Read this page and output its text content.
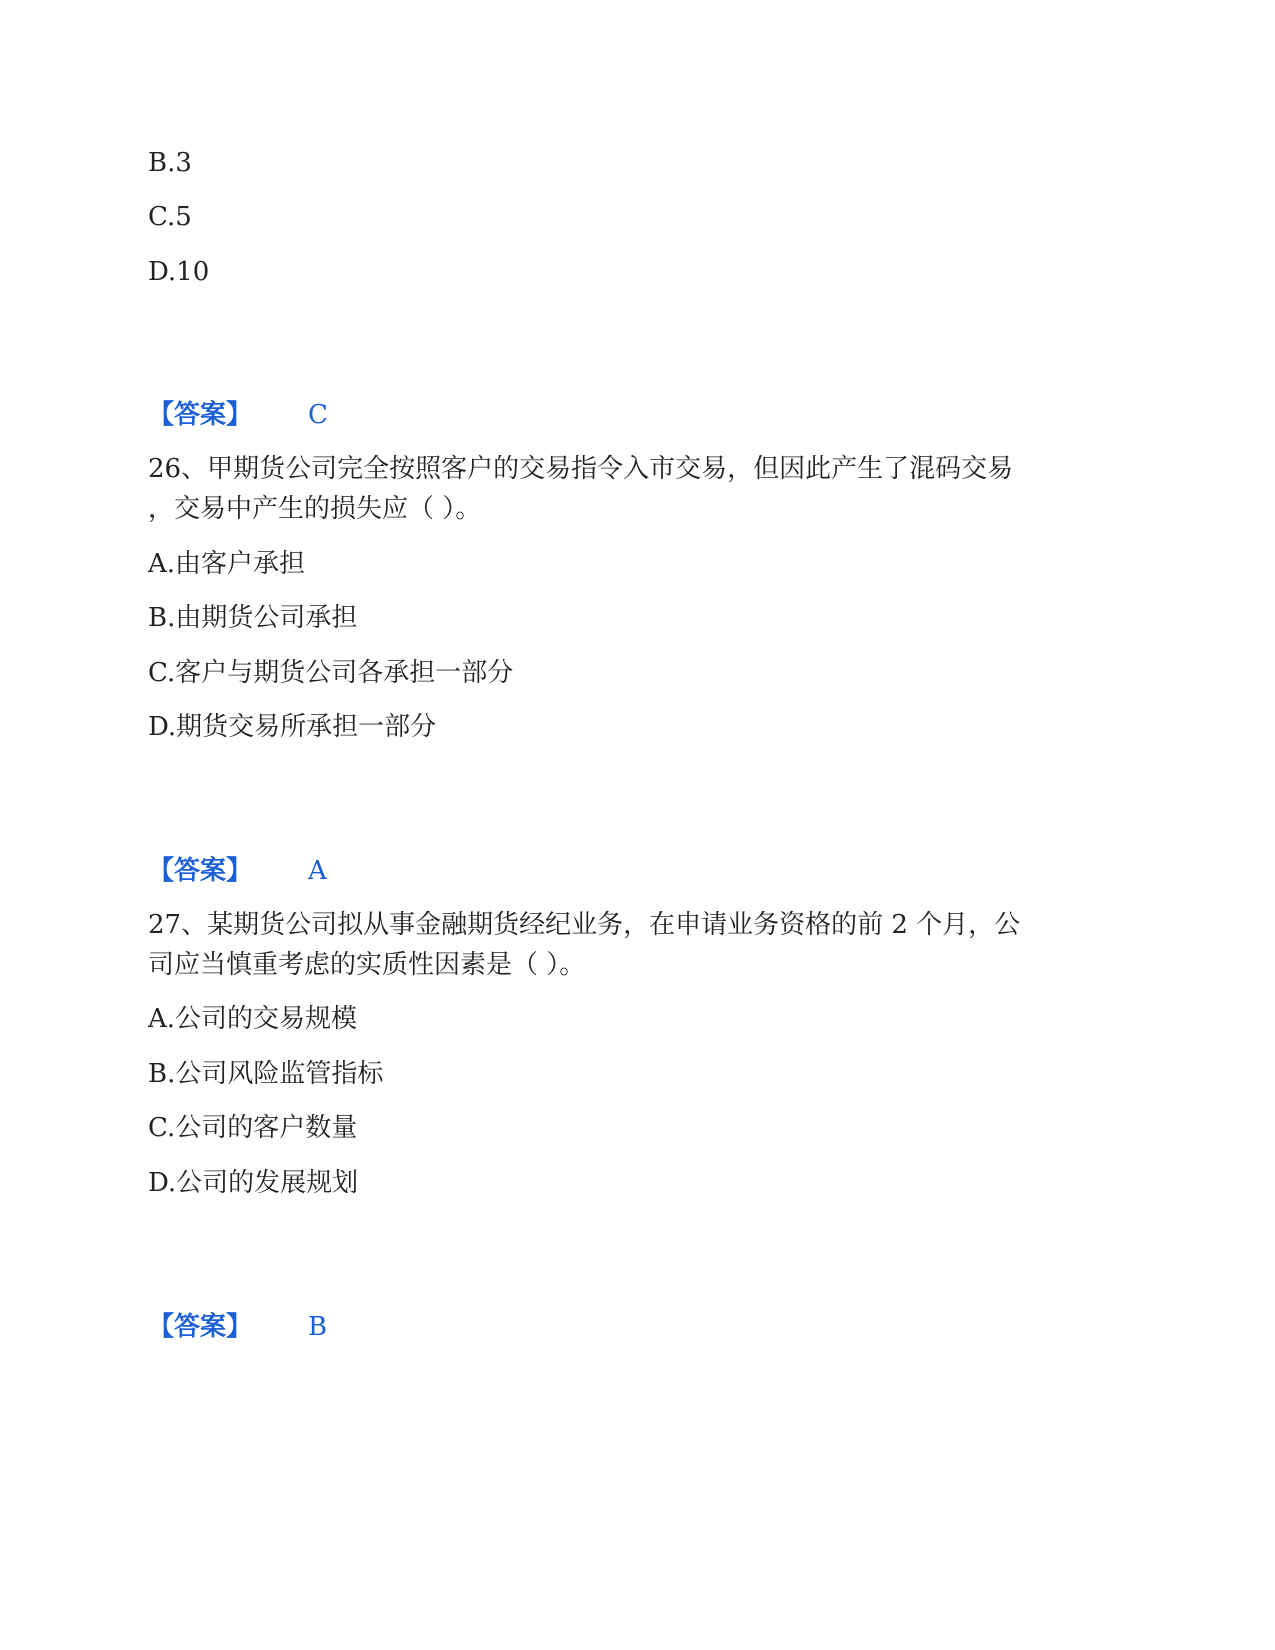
B.3
C.5
D.10
【答案】 C
26、甲期货公司完全按照客户的交易指令入市交易，但因此产生了混码交易
，交易中产生的损失应（ ）。
A.由客户承担
B.由期货公司承担
C.客户与期货公司各承担一部分
D.期货交易所承担一部分
【答案】 A
27、某期货公司拟从事金融期货经纪业务，在申请业务资格的前 2 个月，公
司应当慎重考虑的实质性因素是（ ）。
A.公司的交易规模
B.公司风险监管指标
C.公司的客户数量
D.公司的发展规划
【答案】 B
